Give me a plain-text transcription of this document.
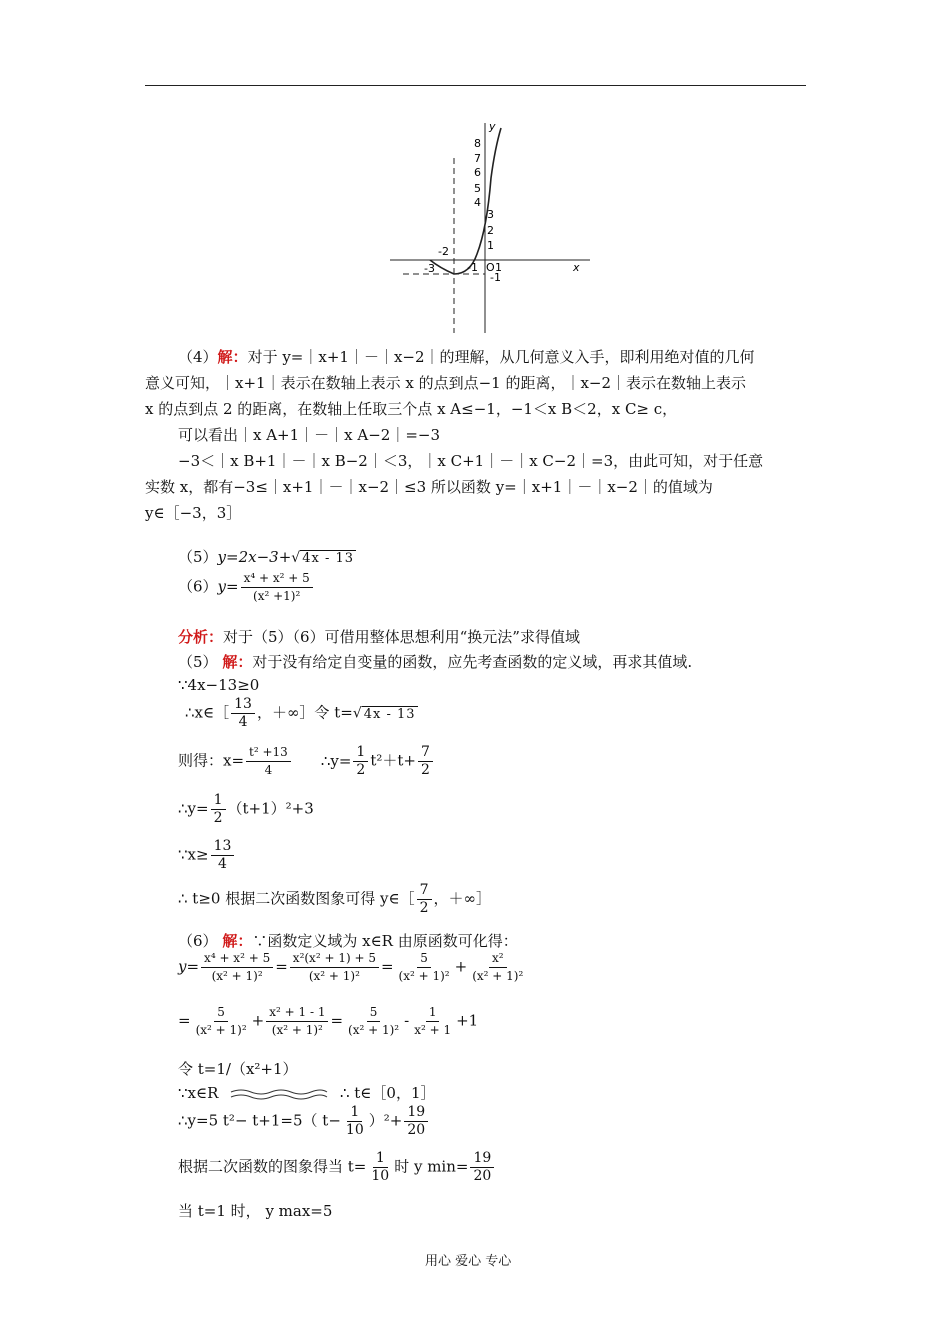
x
y
8
7
6
5
4
3
2
1
-1
-3
-2
-1 O 1
（4）解：对于 y=｜x+1｜－｜x−2｜的理解，从几何意义入手，即利用绝对值的几何
意义可知，｜x+1｜表示在数轴上表示 x 的点到点−1 的距离，｜x−2｜表示在数轴上表示
x 的点到点 2 的距离，在数轴上任取三个点 x A≤−1，−1＜x B＜2，x C≥ c，
可以看出｜x A+1｜－｜x A−2｜=−3
−3＜｜x B+1｜－｜x B−2｜＜3，｜x C+1｜－｜x C−2｜=3，由此可知，对于任意
实数 x，都有−3≤｜x+1｜－｜x−2｜≤3 所以函数 y=｜x+1｜－｜x−2｜的值域为
y∈［−3，3］
（5）y=2x−3+√ 4x - 13
$(6)y= \frac{\text{x⁴ + x² + 5}}{\text{(x² +1)²}}$
分析：对于（5）（6）可借用整体思想利用“换元法”求得值域
（5） 解：对于没有给定自变量的函数，应先考查函数的定义域，再求其值域.
∵4x−13≥0
∴x∈［ $\frac{13}{4}$ ，＋∞］令 t=√ 4x - 13
则得：$x= \frac{\text{t² +13}}{4}$ ∴y= $\frac{1}{2} t^2+t+ \frac{7}{2}$
∴y= $\frac{1}{2} (t+1)^2+3$
∵x≥ $\frac{13}{4}$
∴ t≥0 根据二次函数图象可得 y∈［ $\frac{7}{2}$ ，＋∞］
（6） 解：∵函数定义域为 x∈R 由原函数可化得：
$y= \frac{\text{x⁴ + x² + 5}}{\text{(x² + 1)²}} = \frac{\text{x²(x² + 1) + 5}}{\text{(x² + 1)²}} = \frac{5}{\text{(x² + 1)²}} + \frac{\text{x²}}{\text{(x² + 1)²}}$
= $\frac{5}{\text{(x² + 1)²}} + \frac{\text{x² + 1 - 1}}{\text{(x² + 1)²}} = \frac{5}{\text{(x² + 1)²}} - \frac{1}{\text{x² + 1}} +1$
令 t=1/（x²+1）
∵x∈R	∴ t∈［0，1］
∴y=5 t²− t+1=5（ $t- \frac{1}{10} )^2+ \frac{19}{20}$
根据二次函数的图象得当 $t= \frac{1}{10}$ 时 y $\min= \frac{19}{20}$
当 t=1 时， y max=5
用心 爱心 专心
